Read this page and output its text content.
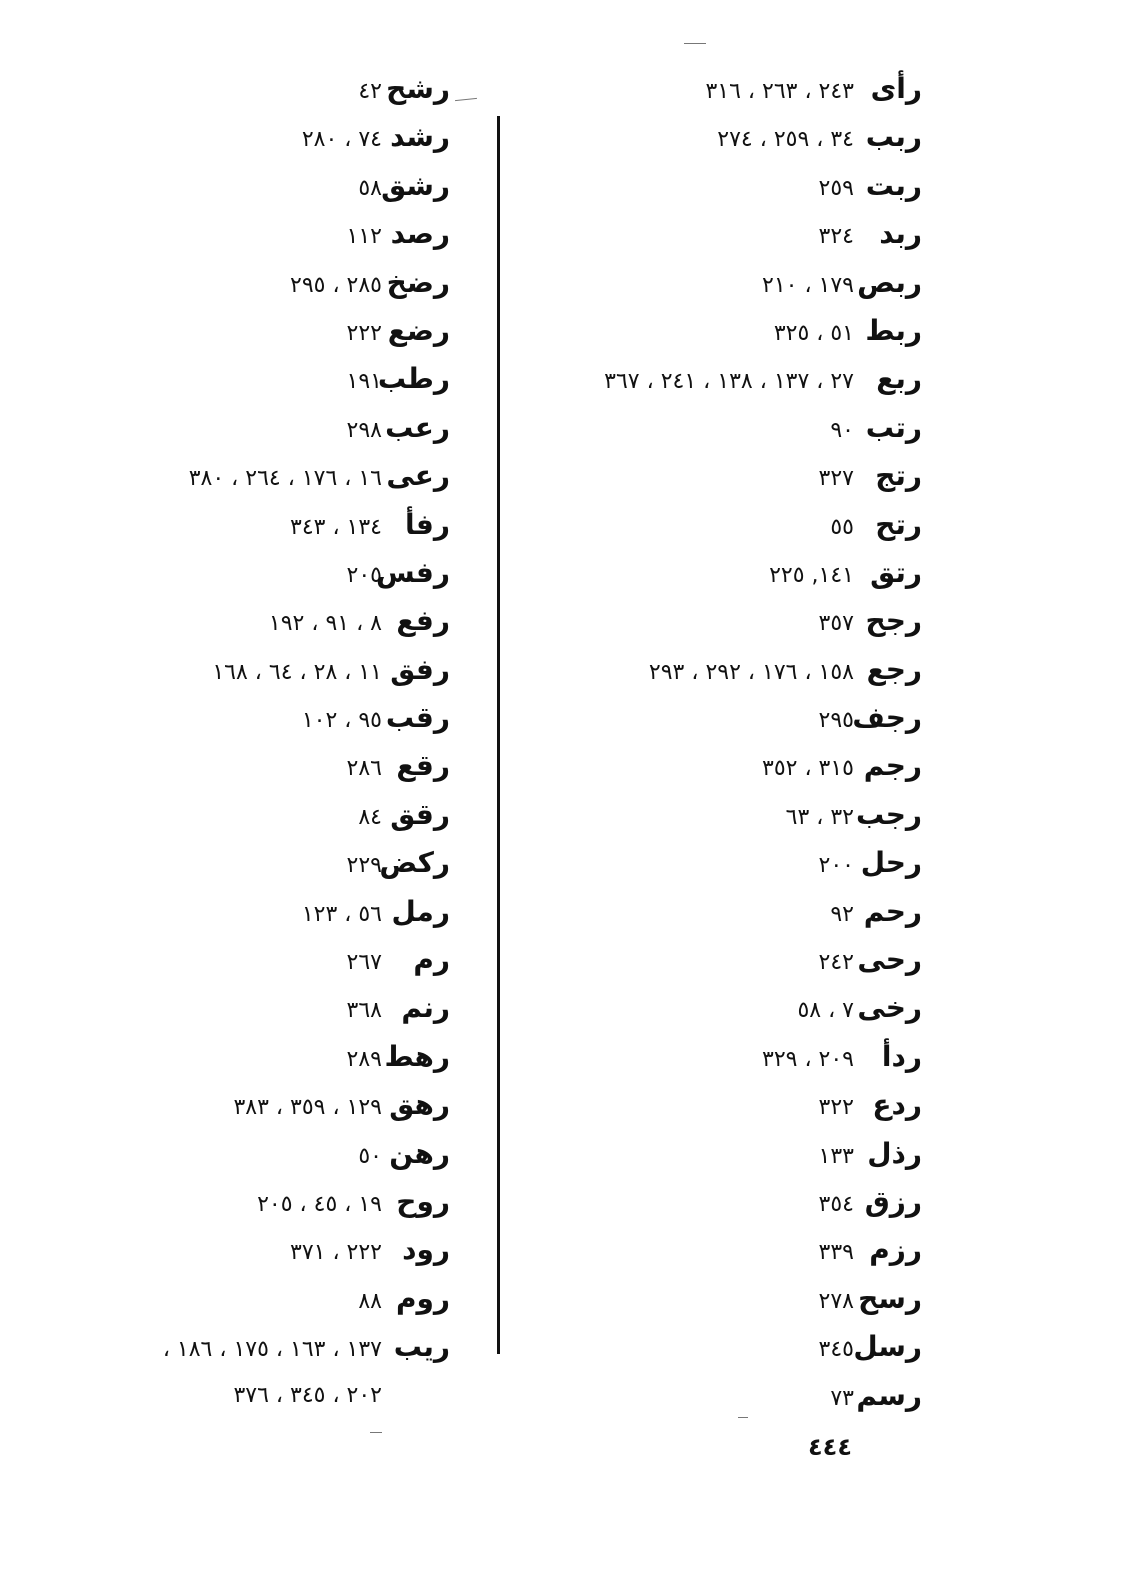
رأى
٢٤٣ ، ٢٦٣ ، ٣١٦
ربب
٣٤ ، ٢٥٩ ، ٢٧٤
ربت
٢٥٩
ربد
٣٢٤
ربص
١٧٩ ، ٢١٠
ربط
٥١ ، ٣٢٥
ربع
٢٧ ، ١٣٧ ، ١٣٨ ، ٢٤١ ، ٣٦٧
رتب
٩٠
رتج
٣٢٧
رتح
٥٥
رتق
١٤١, ٢٢٥
رجح
٣٥٧
رجع
١٥٨ ، ١٧٦ ، ٢٩٢ ، ٢٩٣
رجف
٢٩٥
رجم
٣١٥ ، ٣٥٢
رجب
٣٢ ، ٦٣
رحل
٢٠٠
رحم
٩٢
رحى
٢٤٢
رخى
٧ ، ٥٨
ردأ
٢٠٩ ، ٣٢٩
ردع
٣٢٢
رذل
١٣٣
رزق
٣٥٤
رزم
٣٣٩
رسح
٢٧٨
رسل
٣٤٥
رسم
٧٣
رشح
٤٢
رشد
٧٤ ، ٢٨٠
رشق
٥٨
رصد
١١٢
رضخ
٢٨٥ ، ٢٩٥
رضع
٢٢٢
رطب
١٩١
رعب
٢٩٨
رعى
١٦ ، ١٧٦ ، ٢٦٤ ، ٣٨٠
رفأ
١٣٤ ، ٣٤٣
رفس
٢٠٥
رفع
٨ ، ٩١ ، ١٩٢
رفق
١١ ، ٢٨ ، ٦٤ ، ١٦٨
رقب
٩٥ ، ١٠٢
رقع
٢٨٦
رقق
٨٤
ركض
٢٢٩
رمل
٥٦ ، ١٢٣
رم
٢٦٧
رنم
٣٦٨
رهط
٢٨٩
رهق
١٢٩ ، ٣٥٩ ، ٣٨٣
رهن
٥٠
روح
١٩ ، ٤٥ ، ٢٠٥
رود
٢٢٢ ، ٣٧١
روم
٨٨
ريب
١٣٧ ، ١٦٣ ، ١٧٥ ، ١٨٦ ،
٢٠٢ ، ٣٤٥ ، ٣٧٦
٤٤٤
